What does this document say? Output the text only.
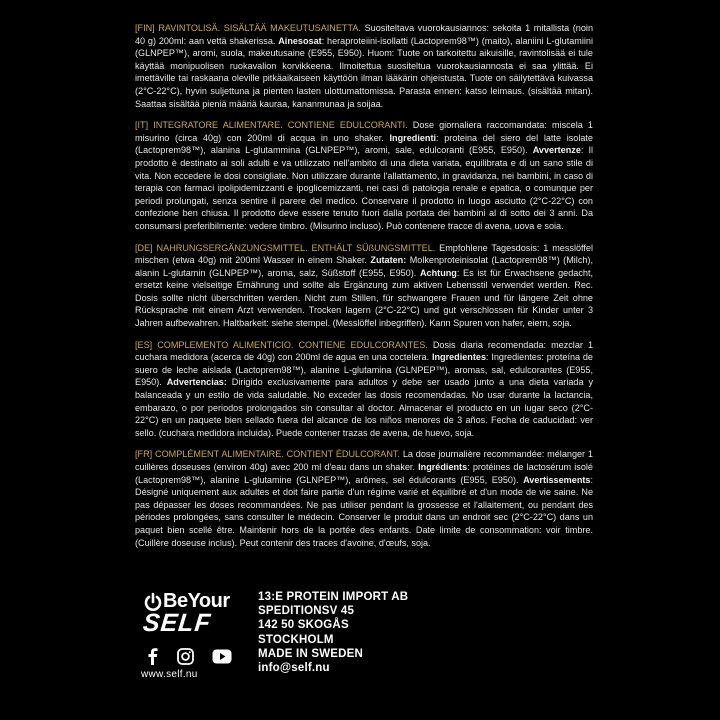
[FIN] RAVINTOLISÄ. SISÄLTÄÄ MAKEUTUSAINETTA. Suositeltava vuorokausiannos: sekoita 1 mitallista (noin 40 g) 200ml: aan vettä shakerissa. Ainesosat: heraproteiini-isollatti (Lactoprem98™) (maito), alaniini L-glutamiini (GLNPEP™), aromi, suola, makeutusaine (E955, E950). Huom: Tuote on tarkoitettu aikuisille, ravintolisää ei tule käyttää monipuolisen ruokavalion korvikkeena. Ilmoitettua suositeltua vuorokausiannosta ei saa ylittää. Ei imettäville tai raskaana oleville pitkäaikaiseen käyttöön ilman lääkärin ohjeistusta. Tuote on säilytettävä kuivassa (2°C-22°C), hyvin suljettuna ja pienten lasten ulottumattomissa. Parasta ennen: katso leimaus. (sisältää mitan). Saattaa sisältää pieniä määriä kauraa, kananmunaa ja soijaa.

[IT] INTEGRATORE ALIMENTARE. CONTIENE EDULCORANTI. Dose giornaliera raccomandata: miscela 1 misurino (circa 40g) con 200ml di acqua in uno shaker. Ingredienti: proteina del siero del latte isolate (Lactoprem98™), alanina L-glutammina (GLNPEP™), aromi, sale, edulcoranti (E955, E950). Avvertenze: Il prodotto è destinato ai soli adulti e va utilizzato nell'ambito di una dieta variata, equilibrata e di un sano stile di vita. Non eccedere le dosi consigliate. Non utilizzare durante l'allattamento, in gravidanza, nei bambini, in caso di terapia con farmaci ipolipidemizzanti e ipoglicemizzanti, nei casi di patologia renale e epatica, o comunque per periodi prolungati, senza sentire il parere del medico. Conservare il prodotto in luogo asciutto (2°C-22°C) con confezione ben chiusa. Il prodotto deve essere tenuto fuori dalla portata dei bambini al di sotto dei 3 anni. Da consumarsi preferibilmente: vedere timbro. (Misurino incluso). Può contenere tracce di avena, uova e soia.

[DE] NAHRUNGSERGÄNZUNGSMITTEL. ENTHÄLT SÜßUNGSMITTEL. Empfohlene Tagesdosis: 1 messlöffel mischen (etwa 40g) mit 200ml Wasser in einem Shaker. Zutaten: Molkenproteinisolat (Lactoprem98™) (Milch), alanin L-glutamin (GLNPEP™), aroma, salz, Süßstoff (E955, E950). Achtung: Es ist für Erwachsene gedacht, ersetzt keine vielseitige Ernährung und sollte als Ergänzung zum aktiven Lebensstil verwendet werden. Rec. Dosis sollte nicht überschritten werden. Nicht zum Stillen, für schwangere Frauen und für längere Zeit ohne Rücksprache mit einem Arzt verwenden. Trocken lagern (2°C-22°C) und gut verschlossen für Kinder unter 3 Jahren aufbewahren. Haltbarkeit: siehe stempel. (Messlöffel inbegriffen). Kann Spuren von hafer, eiern, soja.

[ES] COMPLEMENTO ALIMENTICIO. CONTIENE EDULCORANTES. Dosis diaria recomendada: mezclar 1 cuchara medidora (acerca de 40g) con 200ml de agua en una coctelera. Ingredientes: Ingredientes: proteína de suero de leche aislada (Lactoprem98™), alanine L-glutamina (GLNPEP™), aromas, sal, edulcorantes (E955, E950). Advertencias: Dirigido exclusivamente para adultos y debe ser usado junto a una dieta variada y balanceada y un estilo de vida saludable. No exceder las dosis recomendadas. No usar durante la lactancia, embarazo, o por periodos prolongados sin consultar al doctor. Almacenar el producto en un lugar seco (2°C-22°C) en un paquete bien sellado fuera del alcance de los niños menores de 3 años. Fecha de caducidad: ver sello. (cuchara medidora incluida). Puede contener trazas de avena, de huevo, soja.

[FR] COMPLÉMENT ALIMENTAIRE. CONTIENT ÉDULCORANT. La dose journalière recommandée: mélanger 1 cuillères doseuses (environ 40g) avec 200 ml d'eau dans un shaker. Ingrédients: protéines de lactosérum isolé (Lactoprem98™), alanine L-glutamine (GLNPEP™), arômes, sel édulcorants (E955, E950). Avertissements: Désigné uniquement aux adultes et doit faire partie d'un régime varié et équilibré et d'un mode de vie saine. Ne pas dépasser les doses recommandées. Ne pas utiliser pendant la grossesse et l'allaitement, ou pendant des périodes prolongées, sans consulter le médecin. Conserver le produit dans un endroit sec (2°C-22°C) dans un paquet bien scellé être. Maintenir hors de la portée des enfants. Date limite de consommation: voir timbre. (Cuillère doseuse inclus). Peut contenir des traces d'avoine, d'œufs, soja.

BeYour
SELF
www.self.nu
13:E PROTEIN IMPORT AB
SPEDITIONSV 45
142 50 SKOGÅS
STOCKHOLM
MADE IN SWEDEN
info@self.nu
